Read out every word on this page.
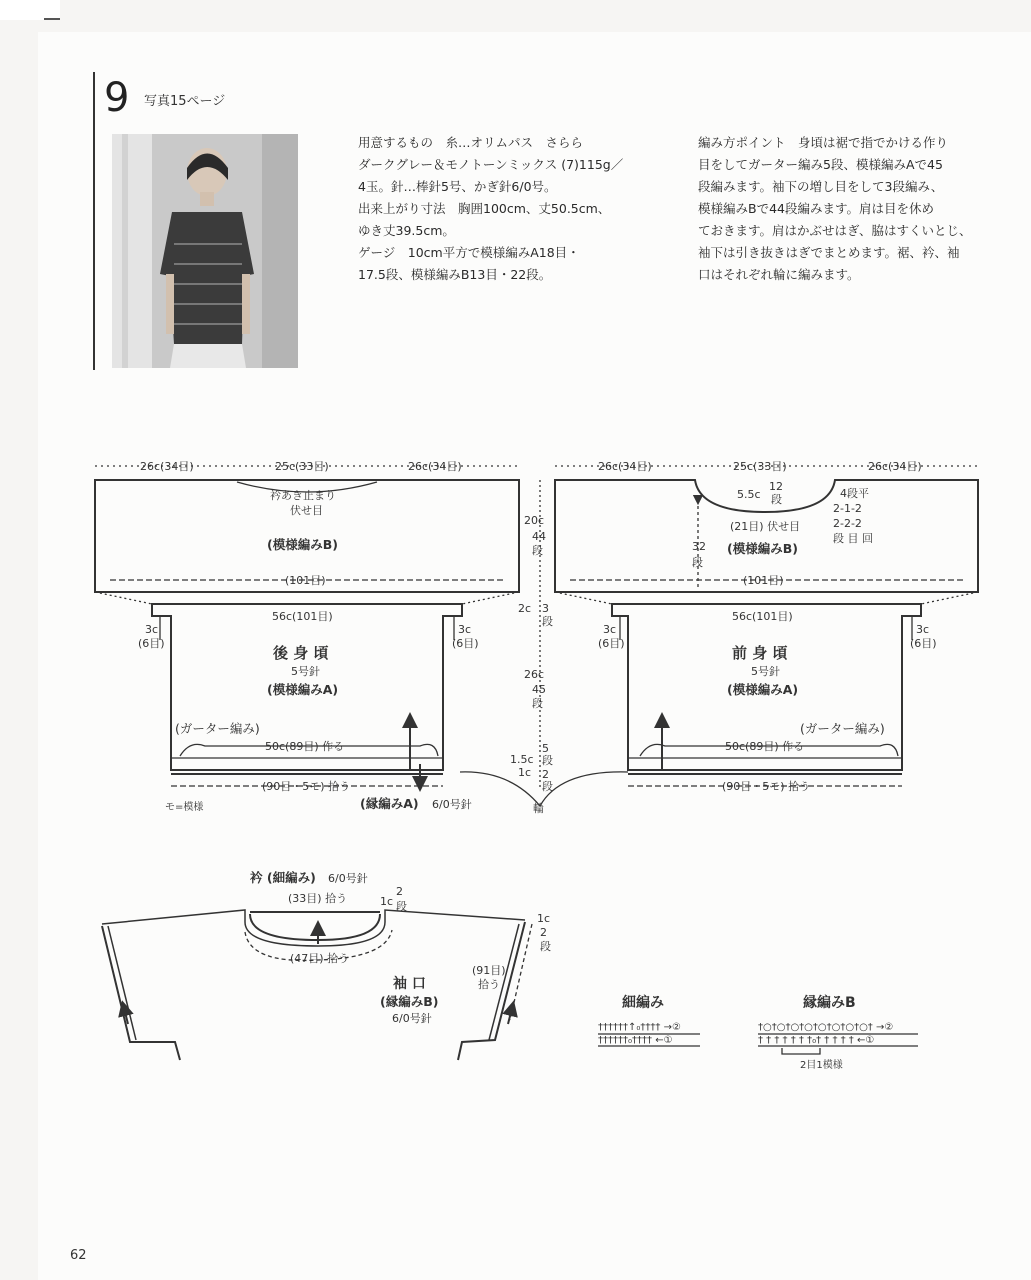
9 写真15ページ
用意するもの　糸…オリムパス　さらら
ダークグレー＆モノトーンミックス (7)115g／
4玉。針…棒針5号、かぎ針6/0号。
出来上がり寸法　胸囲100cm、丈50.5cm、
ゆき丈39.5cm。
ゲージ　10cm平方で模様編みA18目・
17.5段、模様編みB13目・22段。
編み方ポイント　身頃は裾で指でかける作り
目をしてガーター編み5段、模様編みAで45
段編みます。袖下の増し目をして3段編み、
模様編みBで44段編みます。肩は目を休め
ておきます。肩はかぶせはぎ、脇はすくいとじ、
袖下は引き抜きはぎでまとめます。裾、衿、袖
口はそれぞれ輪に編みます。
26c(34目)	25c(33目)	26c(34目)
衿あき止まり
伏せ目
(模様編みB)
(101目)
56c(101目)
3c
(6目)
3c
(6目)
後 身 頃
5号針
(模様編みA)
(ガーター編み)
50c(89目) 作る
(90目・5モ) 拾う
モ=模様	(縁編みA) 6/0号針
20c
44
段
2c 3
段
26c
45
段
1.5c
5
段
1c 2
段
輪
26c(34目)	25c(33目)	26c(34目)
5.5c
12
段	4段平
2-1-2
2-2-2
段 目 回
(21目) 伏せ目
32
段
(模様編みB)
(101目)
56c(101目)
3c
(6目)
3c
(6目)
前 身 頃
5号針
(模様編みA)
(ガーター編み)
50c(89目) 作る
(90目・5モ) 拾う
衿 (細編み) 6/0号針
(33目) 拾う	1c
2
段
(47目) 拾う
1c
2
段
袖 口
(縁編みB)
6/0号針
(91目)
拾う
細編み
††††††↑₀†††† →②
††††††₀†††† ←①
縁編みB
†○†○†○†○†○†○†○†○† →②
† † † † † † †₀† † † † † ←①
2目1模様
62
